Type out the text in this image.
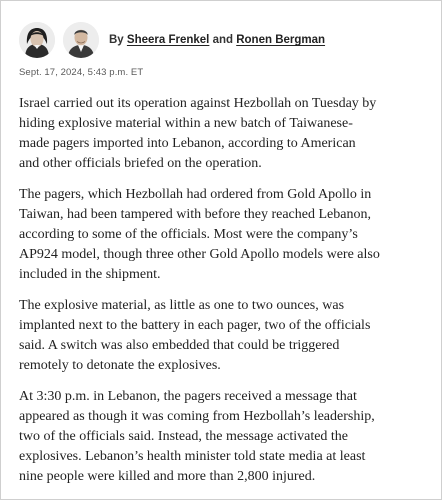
By Sheera Frenkel and Ronen Bergman
Sept. 17, 2024, 5:43 p.m. ET

Israel carried out its operation against Hezbollah on Tuesday by
hiding explosive material within a new batch of Taiwanese-
made pagers imported into Lebanon, according to American
and other officials briefed on the operation.

The pagers, which Hezbollah had ordered from Gold Apollo in
Taiwan, had been tampered with before they reached Lebanon,
according to some of the officials. Most were the company’s
AP924 model, though three other Gold Apollo models were also
included in the shipment.

The explosive material, as little as one to two ounces, was
implanted next to the battery in each pager, two of the officials
said. A switch was also embedded that could be triggered
remotely to detonate the explosives.

At 3:30 p.m. in Lebanon, the pagers received a message that
appeared as though it was coming from Hezbollah’s leadership,
two of the officials said. Instead, the message activated the
explosives. Lebanon’s health minister told state media at least
nine people were killed and more than 2,800 injured.
